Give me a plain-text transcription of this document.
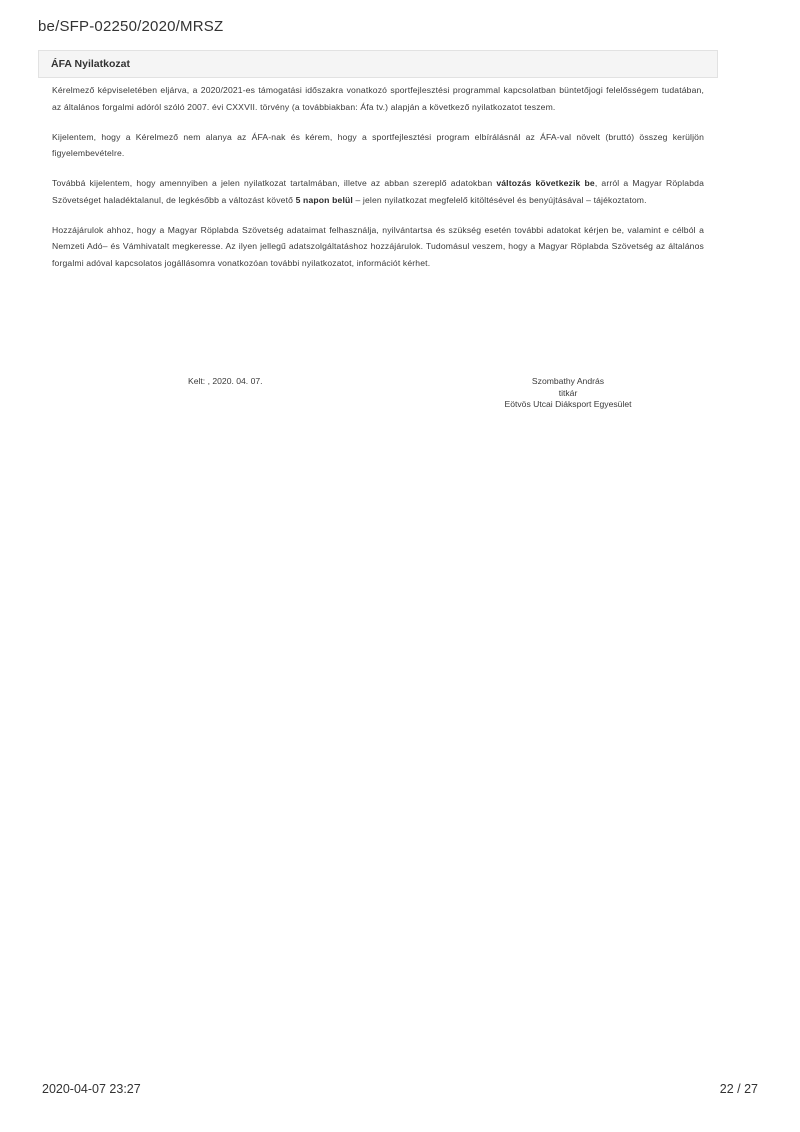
be/SFP-02250/2020/MRSZ
ÁFA Nyilatkozat

Kérelmező képviseletében eljárva, a 2020/2021-es támogatási időszakra vonatkozó sportfejlesztési programmal kapcsolatban büntetőjogi felelősségem tudatában, az általános forgalmi adóról szóló 2007. évi CXXVII. törvény (a továbbiakban: Áfa tv.) alapján a következő nyilatkozatot teszem.

Kijelentem, hogy a Kérelmező nem alanya az ÁFA-nak és kérem, hogy a sportfejlesztési program elbírálásnál az ÁFA-val növelt (bruttó) összeg kerüljön figyelembevételre.

Továbbá kijelentem, hogy amennyiben a jelen nyilatkozat tartalmában, illetve az abban szereplő adatokban változás következik be, arról a Magyar Röplabda Szövetséget haladéktalanul, de legkésőbb a változást követő 5 napon belül – jelen nyilatkozat megfelelő kitöltésével és benyújtásával – tájékoztatom.

Hozzájárulok ahhoz, hogy a Magyar Röplabda Szövetség adataimat felhasználja, nyilvántartsa és szükség esetén további adatokat kérjen be, valamint e célból a Nemzeti Adó– és Vámhivatalt megkeresse. Az ilyen jellegű adatszolgáltatáshoz hozzájárulok. Tudomásul veszem, hogy a Magyar Röplabda Szövetség az általános forgalmi adóval kapcsolatos jogállásomra vonatkozóan további nyilatkozatot, információt kérhet.

Kelt: , 2020. 04. 07.	Szombathy András
titkár
Eötvös Utcai Diáksport Egyesület
2020-04-07 23:27	22 / 27
